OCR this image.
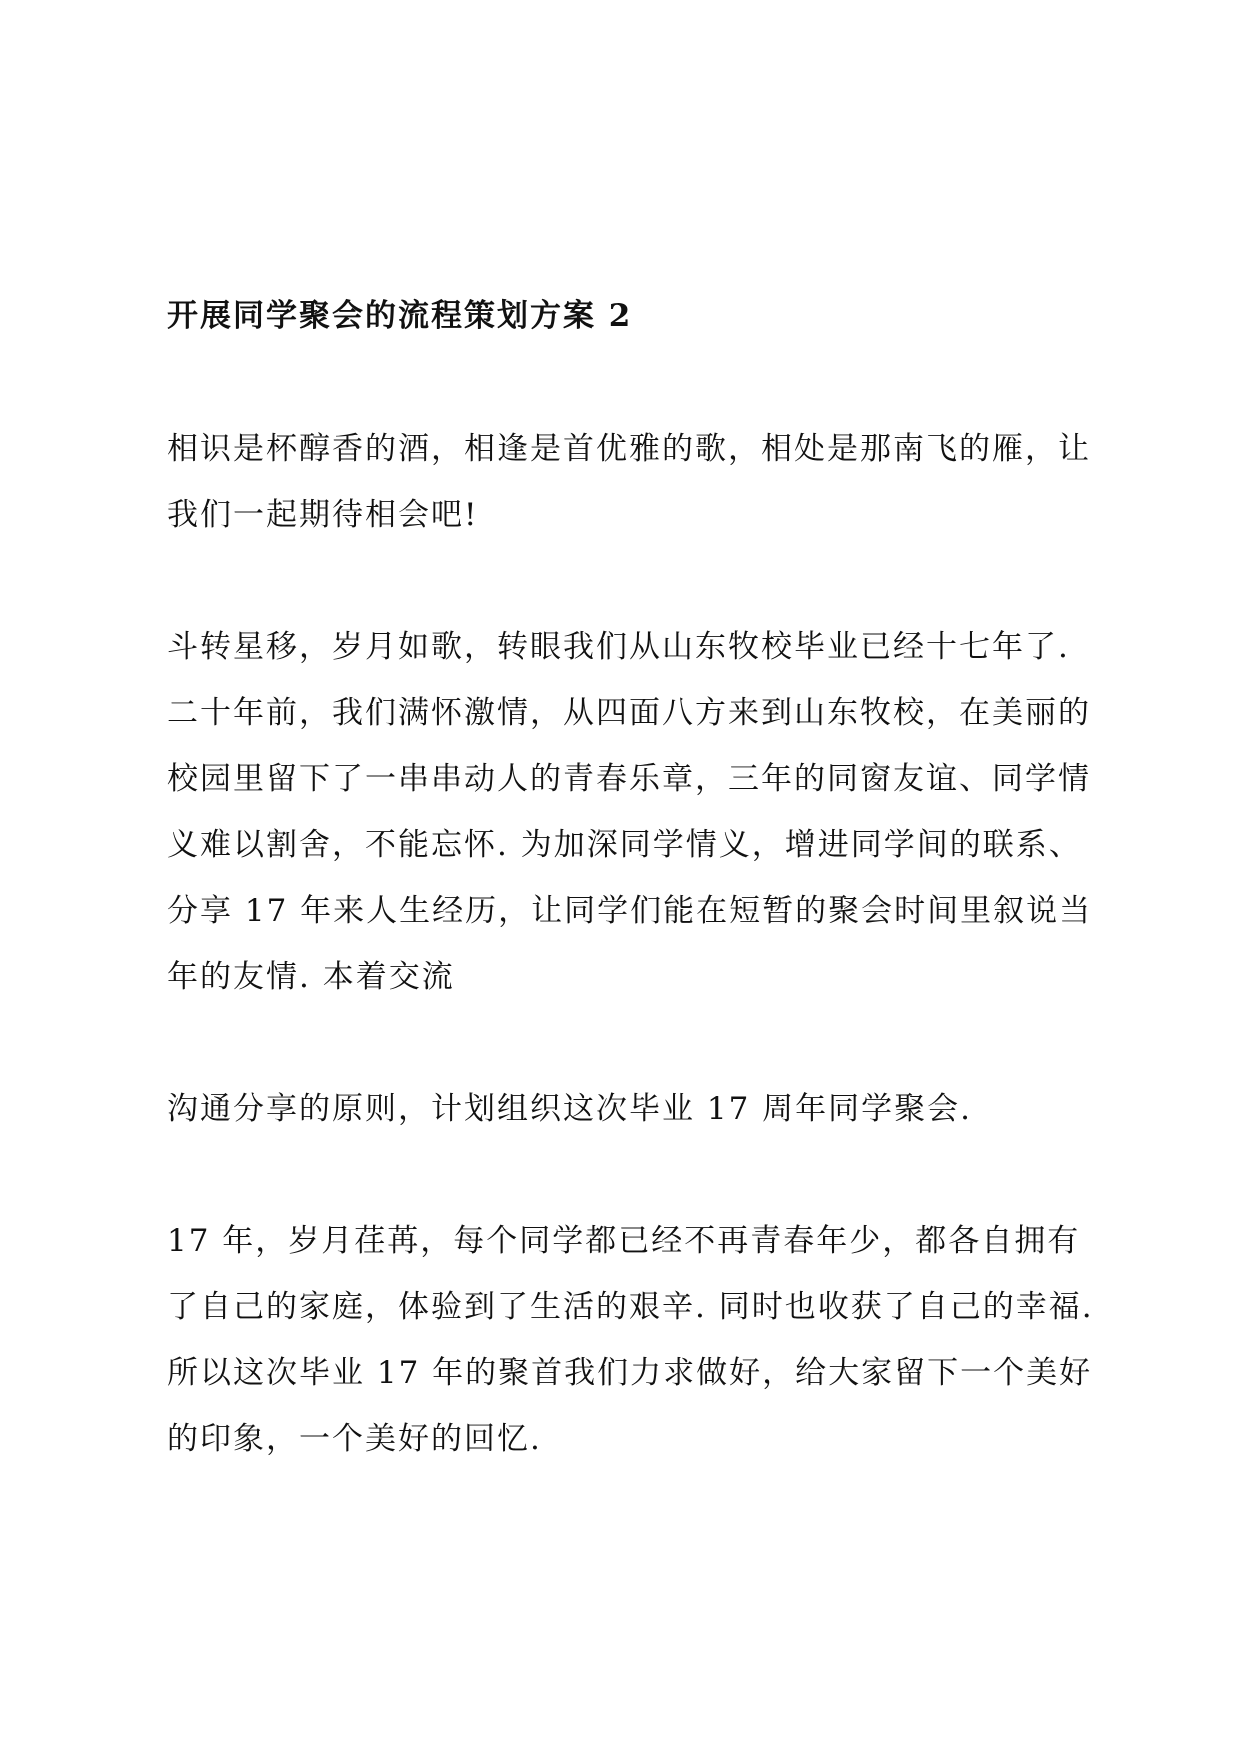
开展同学聚会的流程策划方案 2

相识是杯醇香的酒，相逢是首优雅的歌，相处是那南飞的雁，让我们一起期待相会吧!

斗转星移，岁月如歌，转眼我们从山东牧校毕业已经十七年了. 二十年前，我们满怀激情，从四面八方来到山东牧校，在美丽的校园里留下了一串串动人的青春乐章，三年的同窗友谊、同学情义难以割舍，不能忘怀. 为加深同学情义，增进同学间的联系、分享 17 年来人生经历，让同学们能在短暂的聚会时间里叙说当年的友情. 本着交流

沟通分享的原则，计划组织这次毕业 17 周年同学聚会.

17 年，岁月荏苒，每个同学都已经不再青春年少，都各自拥有了自己的家庭，体验到了生活的艰辛. 同时也收获了自己的幸福. 所以这次毕业 17 年的聚首我们力求做好，给大家留下一个美好的印象，一个美好的回忆.
